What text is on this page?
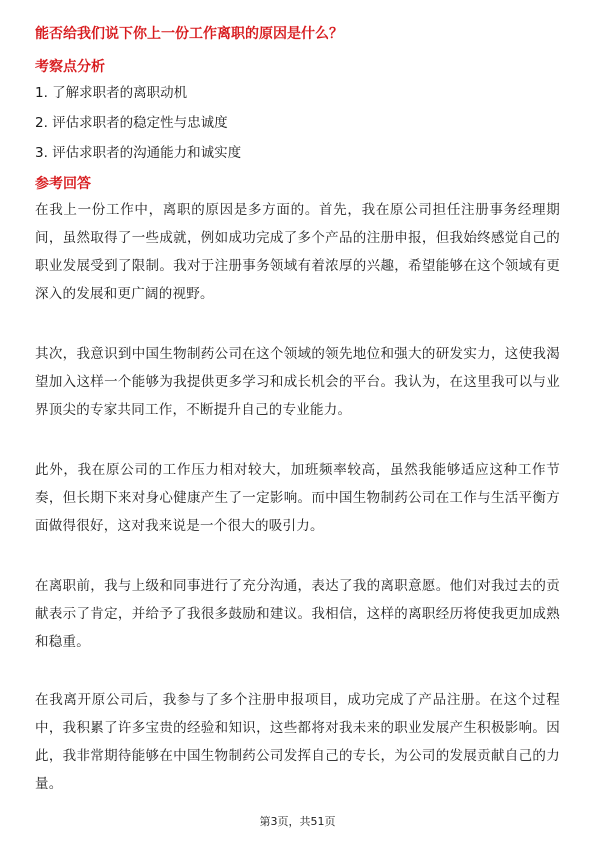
能否给我们说下你上一份工作离职的原因是什么？
考察点分析
1. 了解求职者的离职动机
2. 评估求职者的稳定性与忠诚度
3. 评估求职者的沟通能力和诚实度
参考回答

在我上一份工作中，离职的原因是多方面的。首先，我在原公司担任注册事务经理期间，虽然取得了一些成就，例如成功完成了多个产品的注册申报，但我始终感觉自己的职业发展受到了限制。我对于注册事务领域有着浓厚的兴趣，希望能够在这个领域有更深入的发展和更广阔的视野。

其次，我意识到中国生物制药公司在这个领域的领先地位和强大的研发实力，这使我渴望加入这样一个能够为我提供更多学习和成长机会的平台。我认为，在这里我可以与业界顶尖的专家共同工作，不断提升自己的专业能力。

此外，我在原公司的工作压力相对较大，加班频率较高，虽然我能够适应这种工作节奏，但长期下来对身心健康产生了一定影响。而中国生物制药公司在工作与生活平衡方面做得很好，这对我来说是一个很大的吸引力。

在离职前，我与上级和同事进行了充分沟通，表达了我的离职意愿。他们对我过去的贡献表示了肯定，并给予了我很多鼓励和建议。我相信，这样的离职经历将使我更加成熟和稳重。

在我离开原公司后，我参与了多个注册申报项目，成功完成了产品注册。在这个过程中，我积累了许多宝贵的经验和知识，这些都将对我未来的职业发展产生积极影响。因此，我非常期待能够在中国生物制药公司发挥自己的专长，为公司的发展贡献自己的力量。

第3页，共51页
